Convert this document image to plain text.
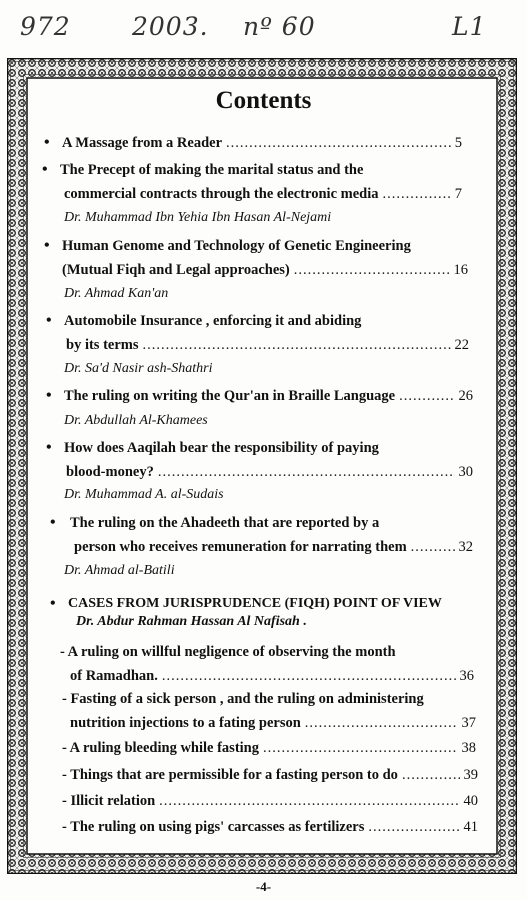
972 2003. nº 60	L1
Contents
• A Massage from a Reader .....	5
• The Precept of making the marital status and the
commercial contracts through the electronic media .....	7
Dr. Muhammad Ibn Yehia Ibn Hasan Al-Nejami
• Human Genome and Technology of Genetic Engineering
(Mutual Fiqh and Legal approaches) .....	16
Dr. Ahmad Kan'an
• Automobile Insurance , enforcing it and abiding
by its terms .....	22
Dr. Sa'd Nasir ash-Shathri
• The ruling on writing the Qur'an in Braille Language .....	26
Dr. Abdullah Al-Khamees
• How does Aaqilah bear the responsibility of paying
blood-money? .....	30
Dr. Muhammad A. al-Sudais
• The ruling on the Ahadeeth that are reported by a
person who receives remuneration for narrating them .....	32
Dr. Ahmad al-Batili
• CASES FROM JURISPRUDENCE (FIQH) POINT OF VIEW
Dr. Abdur Rahman Hassan Al Nafisah .
- A ruling on willful negligence of observing the month
of Ramadhan. .....	36
- Fasting of a sick person , and the ruling on administering
nutrition injections to a fating person .....	37
- A ruling bleeding while fasting .....	38
- Things that are permissible for a fasting person to do .....	39
- Illicit relation .....	40
- The ruling on using pigs' carcasses as fertilizers .....	41
-4-
